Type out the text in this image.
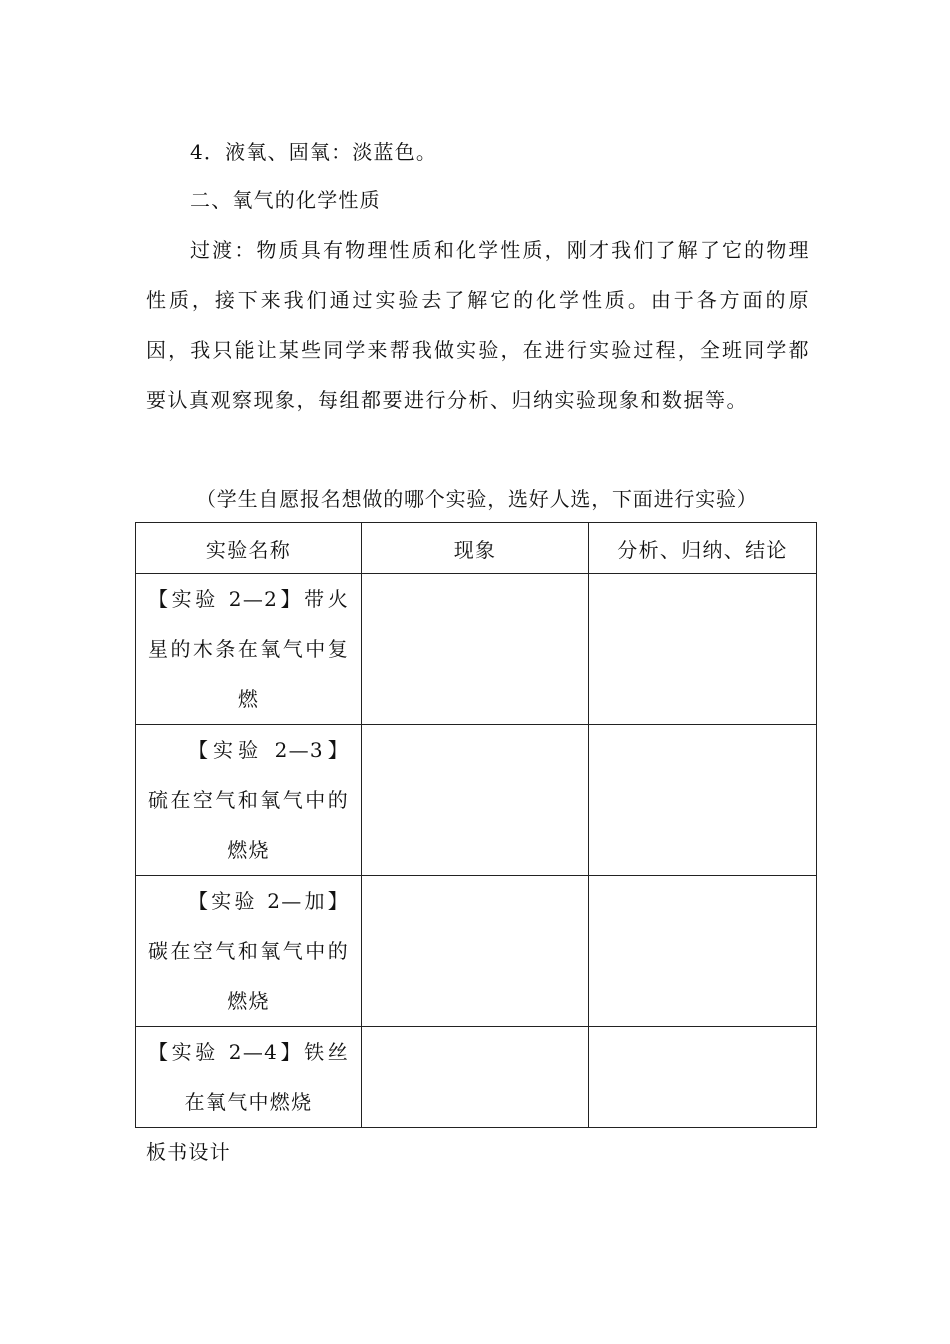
4．液氧、固氧：淡蓝色。
二、氧气的化学性质
过渡：物质具有物理性质和化学性质，刚才我们了解了它的物理性质，接下来我们通过实验去了解它的化学性质。由于各方面的原因，我只能让某些同学来帮我做实验，在进行实验过程，全班同学都要认真观察现象，每组都要进行分析、归纳实验现象和数据等。
（学生自愿报名想做的哪个实验，选好人选，下面进行实验）
实验名称	现象	分析、归纳、结论
【实验 2—2】带火星的木条在氧气中复燃		
【实验 2—3】硫在空气和氧气中的燃烧		
【实验 2—加】碳在空气和氧气中的燃烧		
【实验 2—4】铁丝在氧气中燃烧		
板书设计
